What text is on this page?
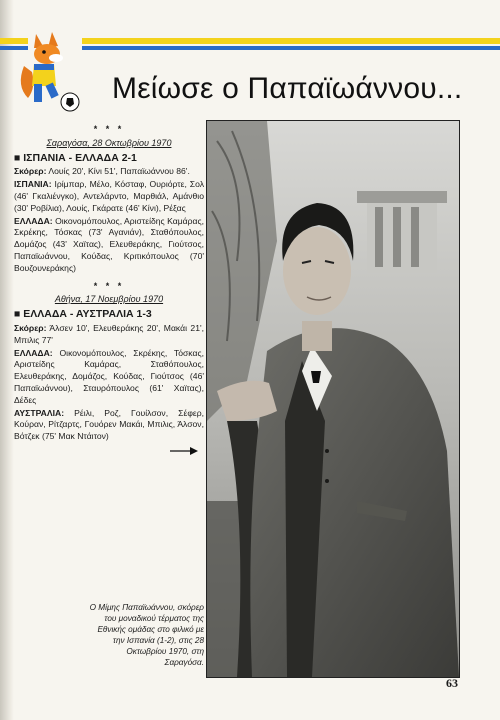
Μείωσε ο Παπαϊωάννου...
* * *
Σαραγόσα, 28 Οκτωβρίου 1970
■ ΙΣΠΑΝΙΑ - ΕΛΛΑΔΑ 2-1

Σκόρερ: Λουίς 20', Κίνι 51', Παπαϊωάννου 86'.

ΙΣΠΑΝΙΑ: Ιρίμπαρ, Μέλο, Κόσταφ, Ουριόρτε, Σολ (46' Γκαλιένγκο), Αντελάρντο, Μαρθιάλ, Αμάνθιο (30' Ροβίλια), Λουίς, Γκάρατε (46' Κίνι), Ρέξας

ΕΛΛΑΔΑ: Οικονομόπουλος, Αριστείδης Καμάρας, Σκρέκης, Τόσκας (73' Αγανιάν), Σταθόπουλος, Δομάζος (43' Χαϊτας), Ελευθεράκης, Γιούτσος, Παπαϊωάννου, Κούδας, Κριτικόπουλος (70' Βουζουνεράκης)

* * *
Αθήνα, 17 Νοεμβρίου 1970
■ ΕΛΛΑΔΑ - ΑΥΣΤΡΑΛΙΑ 1-3

Σκόρερ: Άλσεν 10', Ελευθεράκης 20', Μακάι 21', Μπιλις 77'

ΕΛΛΑΔΑ: Οικονομόπουλος, Σκρέκης, Τόσκας, Αριστείδης Καμάρας, Σταθόπουλος, Ελευθεράκης, Δομάζος, Κούδας, Γιούτσος (46' Παπαϊωάννου), Σταυρόπουλος (61' Χαϊτας), Δέδες

ΑΥΣΤΡΑΛΙΑ: Ρέιλι, Ροζ, Γουίλσον, Σέφερ, Κούραν, Ρίτζαρτς, Γουόρεν Μακάι, Μπιλις, Άλσον, Βότζεκ (75' Μακ Ντάιτον)

Ο Μίμης Παπαϊωάννου, σκόρερ του μοναδικού τέρματος της Εθνικής ομάδας στο φιλικό με την Ισπανία (1-2), στις 28 Οκτωβρίου 1970, στη Σαραγόσα.
63
